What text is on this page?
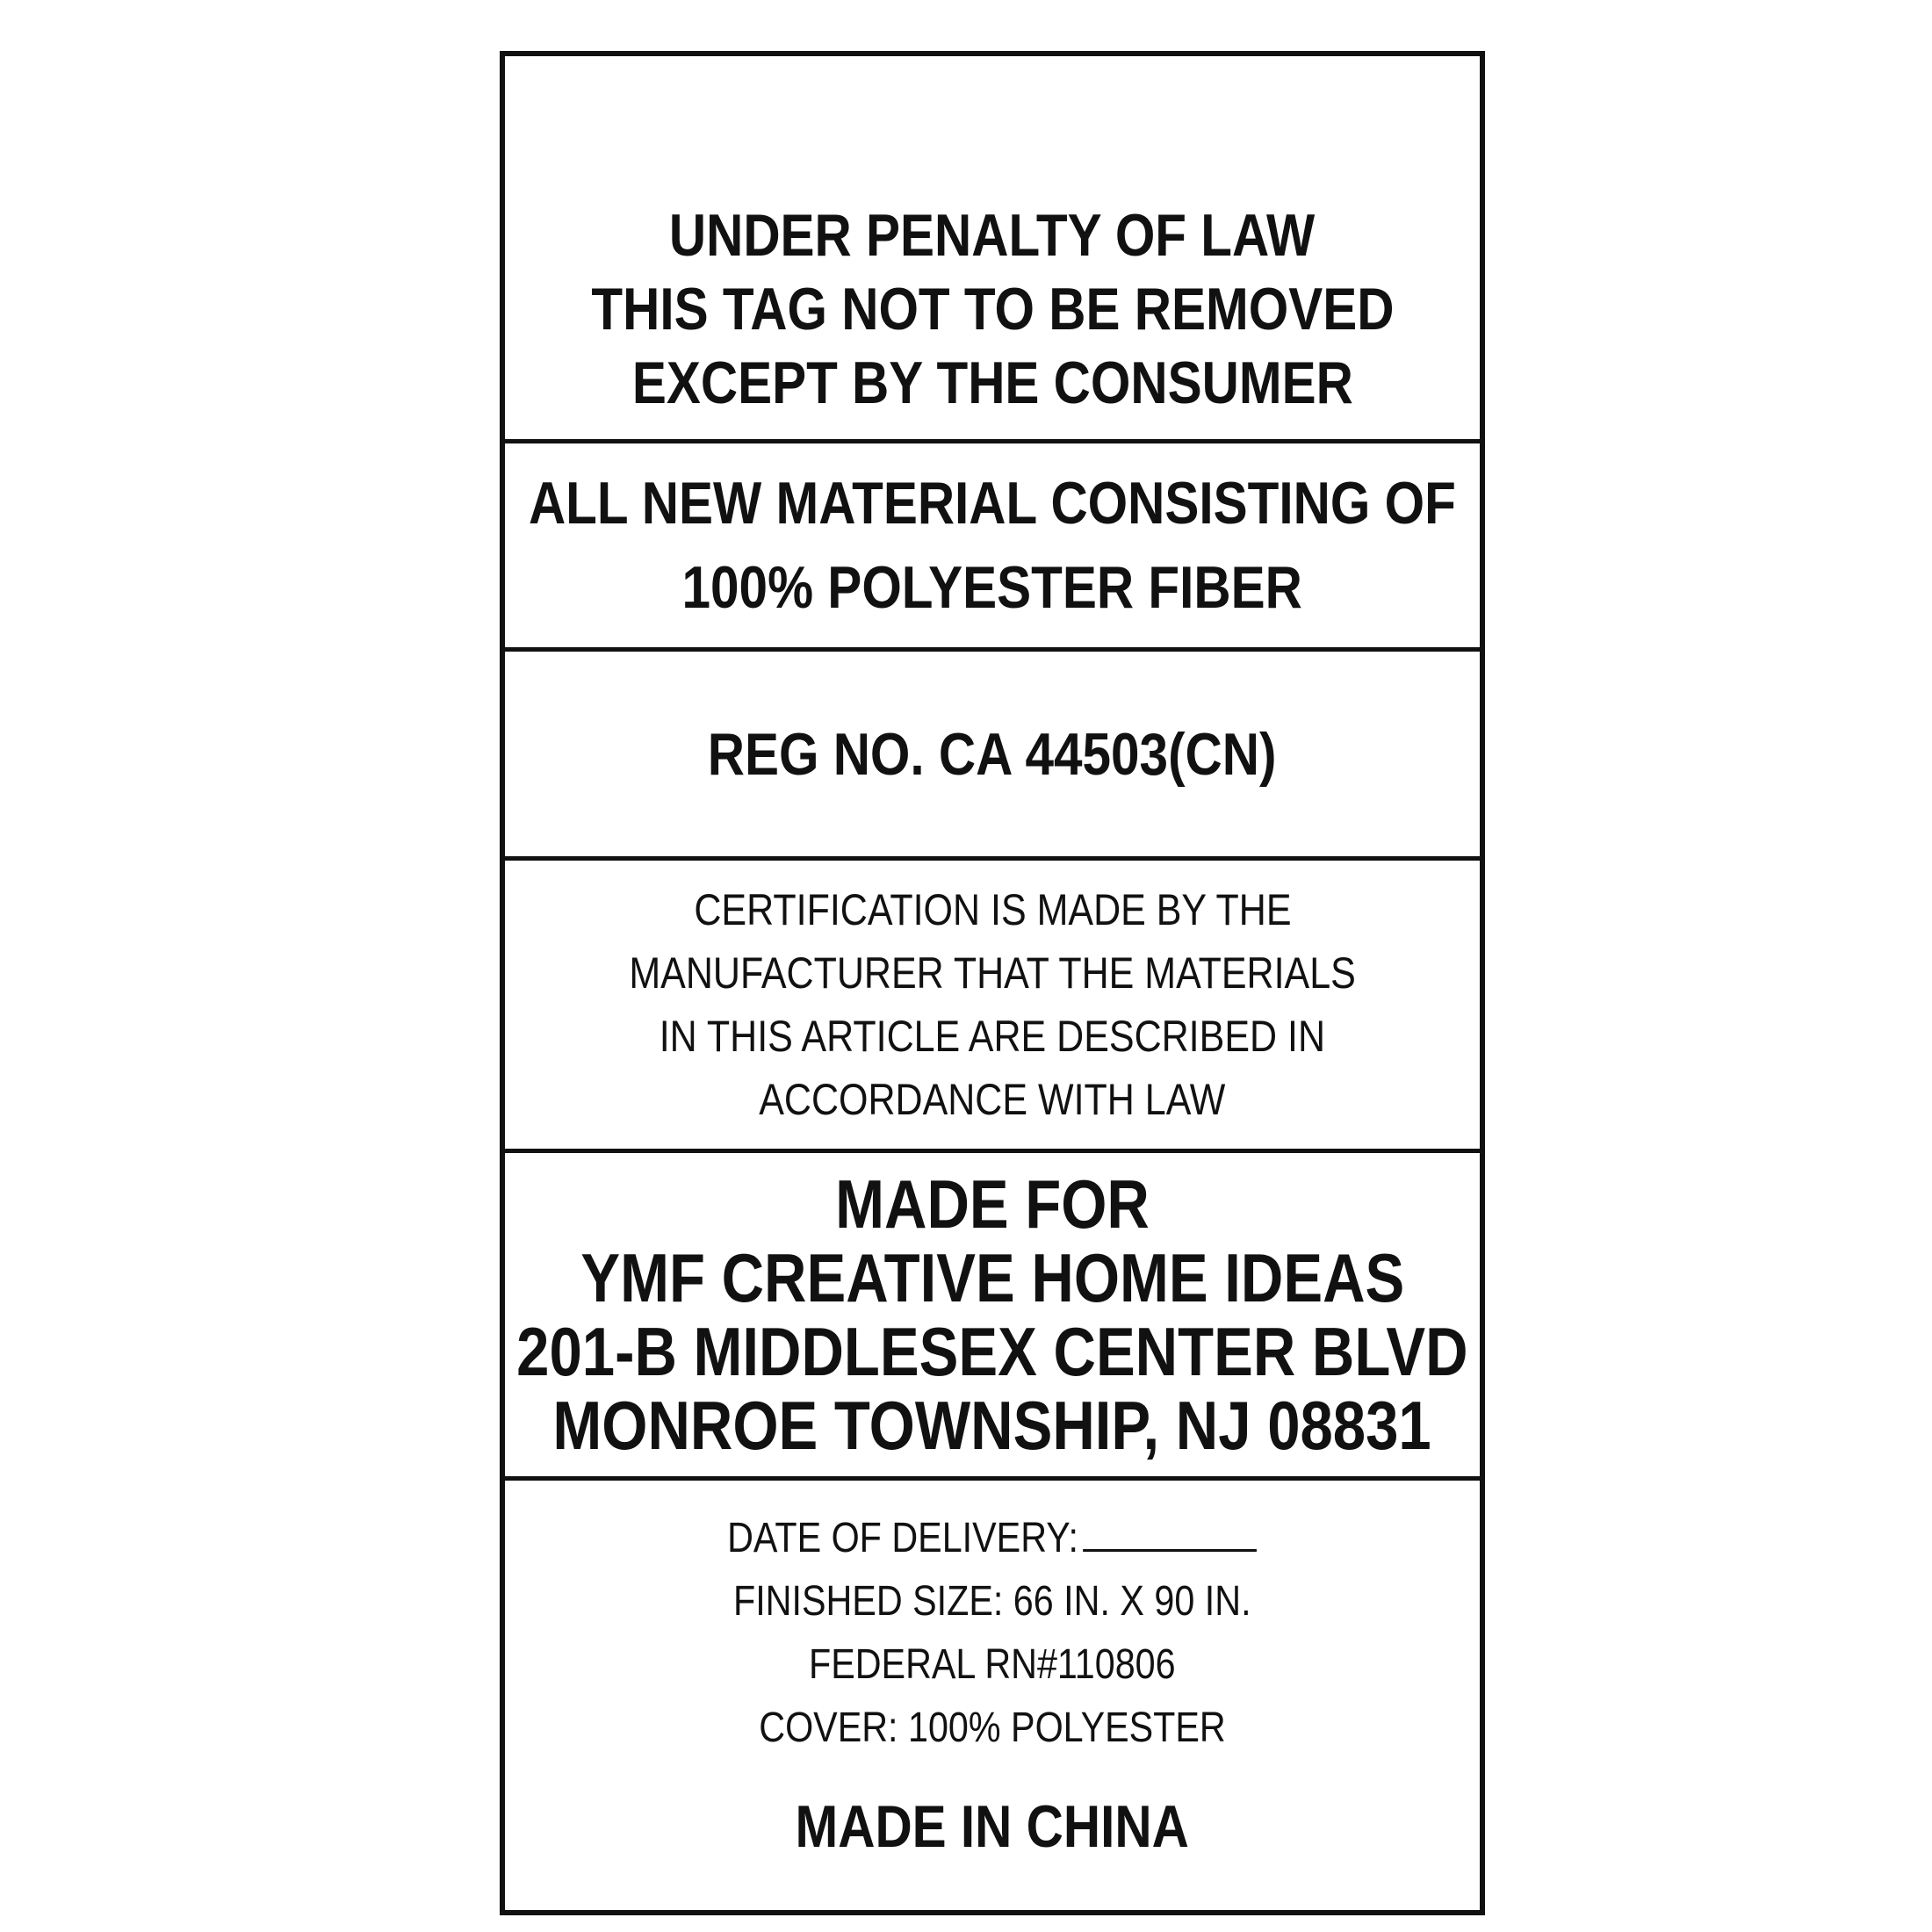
UNDER PENALTY OF LAW
THIS TAG NOT TO BE REMOVED
EXCEPT BY THE CONSUMER
ALL NEW MATERIAL CONSISTING OF
100% POLYESTER FIBER
REG NO. CA 44503(CN)
CERTIFICATION IS MADE BY THE
MANUFACTURER THAT THE MATERIALS
IN THIS ARTICLE ARE DESCRIBED IN
ACCORDANCE WITH LAW
MADE FOR
YMF CREATIVE HOME IDEAS
201-B MIDDLESEX CENTER BLVD
MONROE TOWNSHIP, NJ 08831
DATE OF DELIVERY:
FINISHED SIZE: 66 IN. X 90 IN.
FEDERAL RN#110806
COVER: 100% POLYESTER
MADE IN CHINA
